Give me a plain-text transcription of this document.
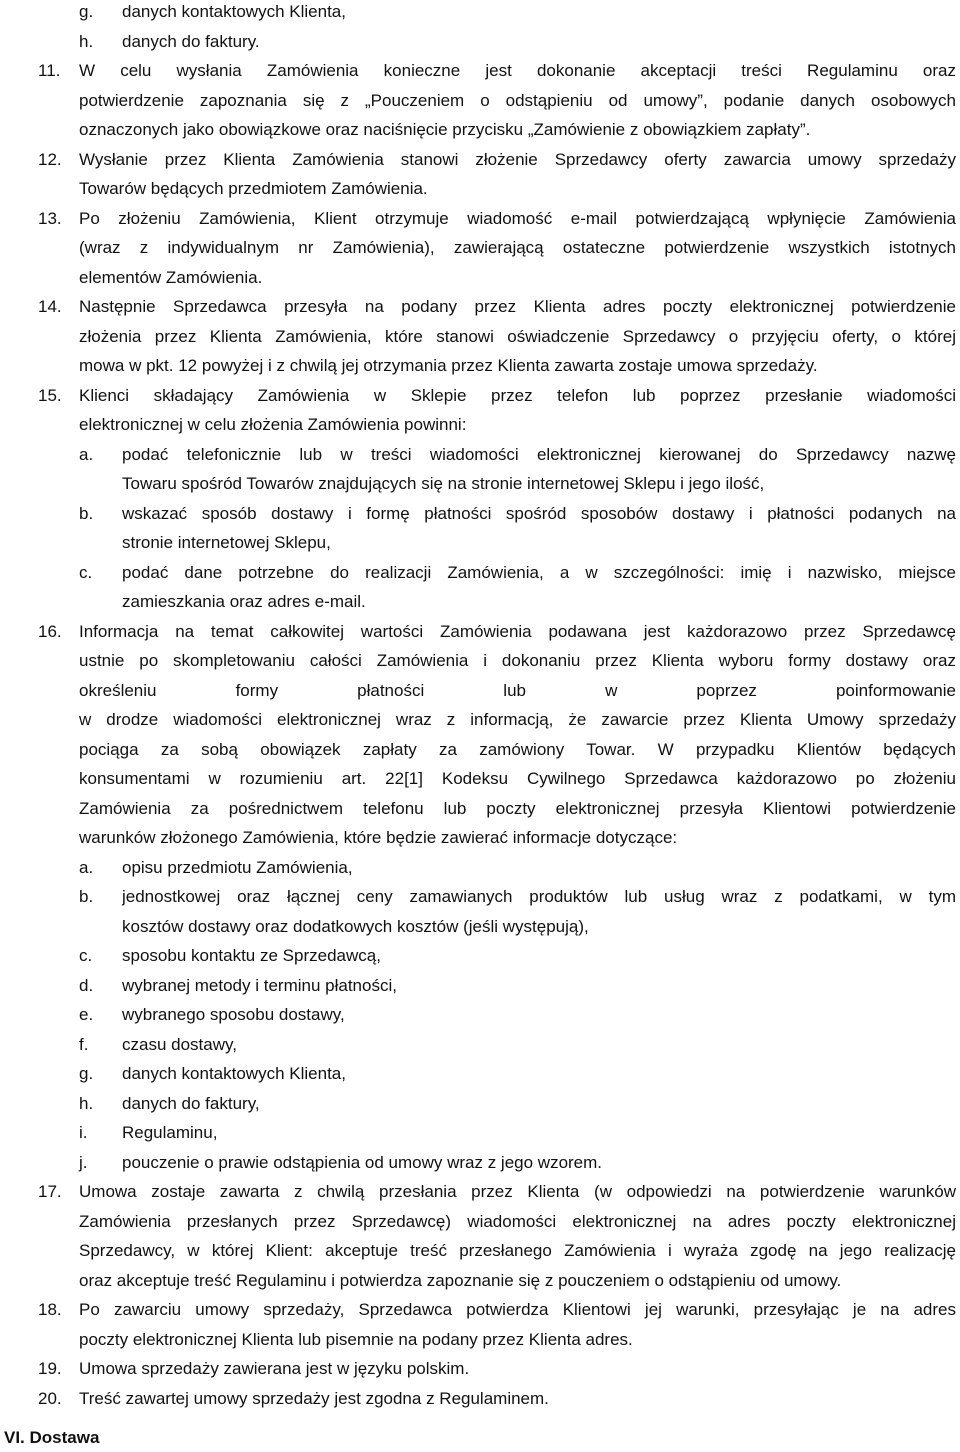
g. danych kontaktowych Klienta,
h. danych do faktury.
11. W celu wysłania Zamówienia konieczne jest dokonanie akceptacji treści Regulaminu oraz
potwierdzenie zapoznania się z „Pouczeniem o odstąpieniu od umowy”, podanie danych osobowych
oznaczonych jako obowiązkowe oraz naciśnięcie przycisku „Zamówienie z obowiązkiem zapłaty”.
12. Wysłanie przez Klienta Zamówienia stanowi złożenie Sprzedawcy oferty zawarcia umowy sprzedaży
Towarów będących przedmiotem Zamówienia.
13. Po złożeniu Zamówienia, Klient otrzymuje wiadomość e-mail potwierdzającą wpłynięcie Zamówienia
(wraz z indywidualnym nr Zamówienia), zawierającą ostateczne potwierdzenie wszystkich istotnych
elementów Zamówienia.
14. Następnie Sprzedawca przesyła na podany przez Klienta adres poczty elektronicznej potwierdzenie
złożenia przez Klienta Zamówienia, które stanowi oświadczenie Sprzedawcy o przyjęciu oferty, o której
mowa w pkt. 12 powyżej i z chwilą jej otrzymania przez Klienta zawarta zostaje umowa sprzedaży.
15. Klienci składający Zamówienia w Sklepie przez telefon lub poprzez przesłanie wiadomości
elektronicznej w celu złożenia Zamówienia powinni:
a. podać telefonicznie lub w treści wiadomości elektronicznej kierowanej do Sprzedawcy nazwę
Towaru spośród Towarów znajdujących się na stronie internetowej Sklepu i jego ilość,
b. wskazać sposób dostawy i formę płatności spośród sposobów dostawy i płatności podanych na
stronie internetowej Sklepu,
c. podać dane potrzebne do realizacji Zamówienia, a w szczególności: imię i nazwisko, miejsce
zamieszkania oraz adres e-mail.
16. Informacja na temat całkowitej wartości Zamówienia podawana jest każdorazowo przez Sprzedawcę
ustnie po skompletowaniu całości Zamówienia i dokonaniu przez Klienta wyboru formy dostawy oraz
określeniu formy płatności lub w poprzez poinformowanie
w drodze wiadomości elektronicznej wraz z informacją, że zawarcie przez Klienta Umowy sprzedaży
pociąga za sobą obowiązek zapłaty za zamówiony Towar. W przypadku Klientów będących
konsumentami w rozumieniu art. 22[1] Kodeksu Cywilnego Sprzedawca każdorazowo po złożeniu
Zamówienia za pośrednictwem telefonu lub poczty elektronicznej przesyła Klientowi potwierdzenie
warunków złożonego Zamówienia, które będzie zawierać informacje dotyczące:
a. opisu przedmiotu Zamówienia,
b. jednostkowej oraz łącznej ceny zamawianych produktów lub usług wraz z podatkami, w tym
kosztów dostawy oraz dodatkowych kosztów (jeśli występują),
c. sposobu kontaktu ze Sprzedawcą,
d. wybranej metody i terminu płatności,
e. wybranego sposobu dostawy,
f. czasu dostawy,
g. danych kontaktowych Klienta,
h. danych do faktury,
i. Regulaminu,
j. pouczenie o prawie odstąpienia od umowy wraz z jego wzorem.
17. Umowa zostaje zawarta z chwilą przesłania przez Klienta (w odpowiedzi na potwierdzenie warunków
Zamówienia przesłanych przez Sprzedawcę) wiadomości elektronicznej na adres poczty elektronicznej
Sprzedawcy, w której Klient: akceptuje treść przesłanego Zamówienia i wyraża zgodę na jego realizację
oraz akceptuje treść Regulaminu i potwierdza zapoznanie się z pouczeniem o odstąpieniu od umowy.
18. Po zawarciu umowy sprzedaży, Sprzedawca potwierdza Klientowi jej warunki, przesyłając je na adres
poczty elektronicznej Klienta lub pisemnie na podany przez Klienta adres.
19. Umowa sprzedaży zawierana jest w języku polskim.
20. Treść zawartej umowy sprzedaży jest zgodna z Regulaminem.
VI. Dostawa
